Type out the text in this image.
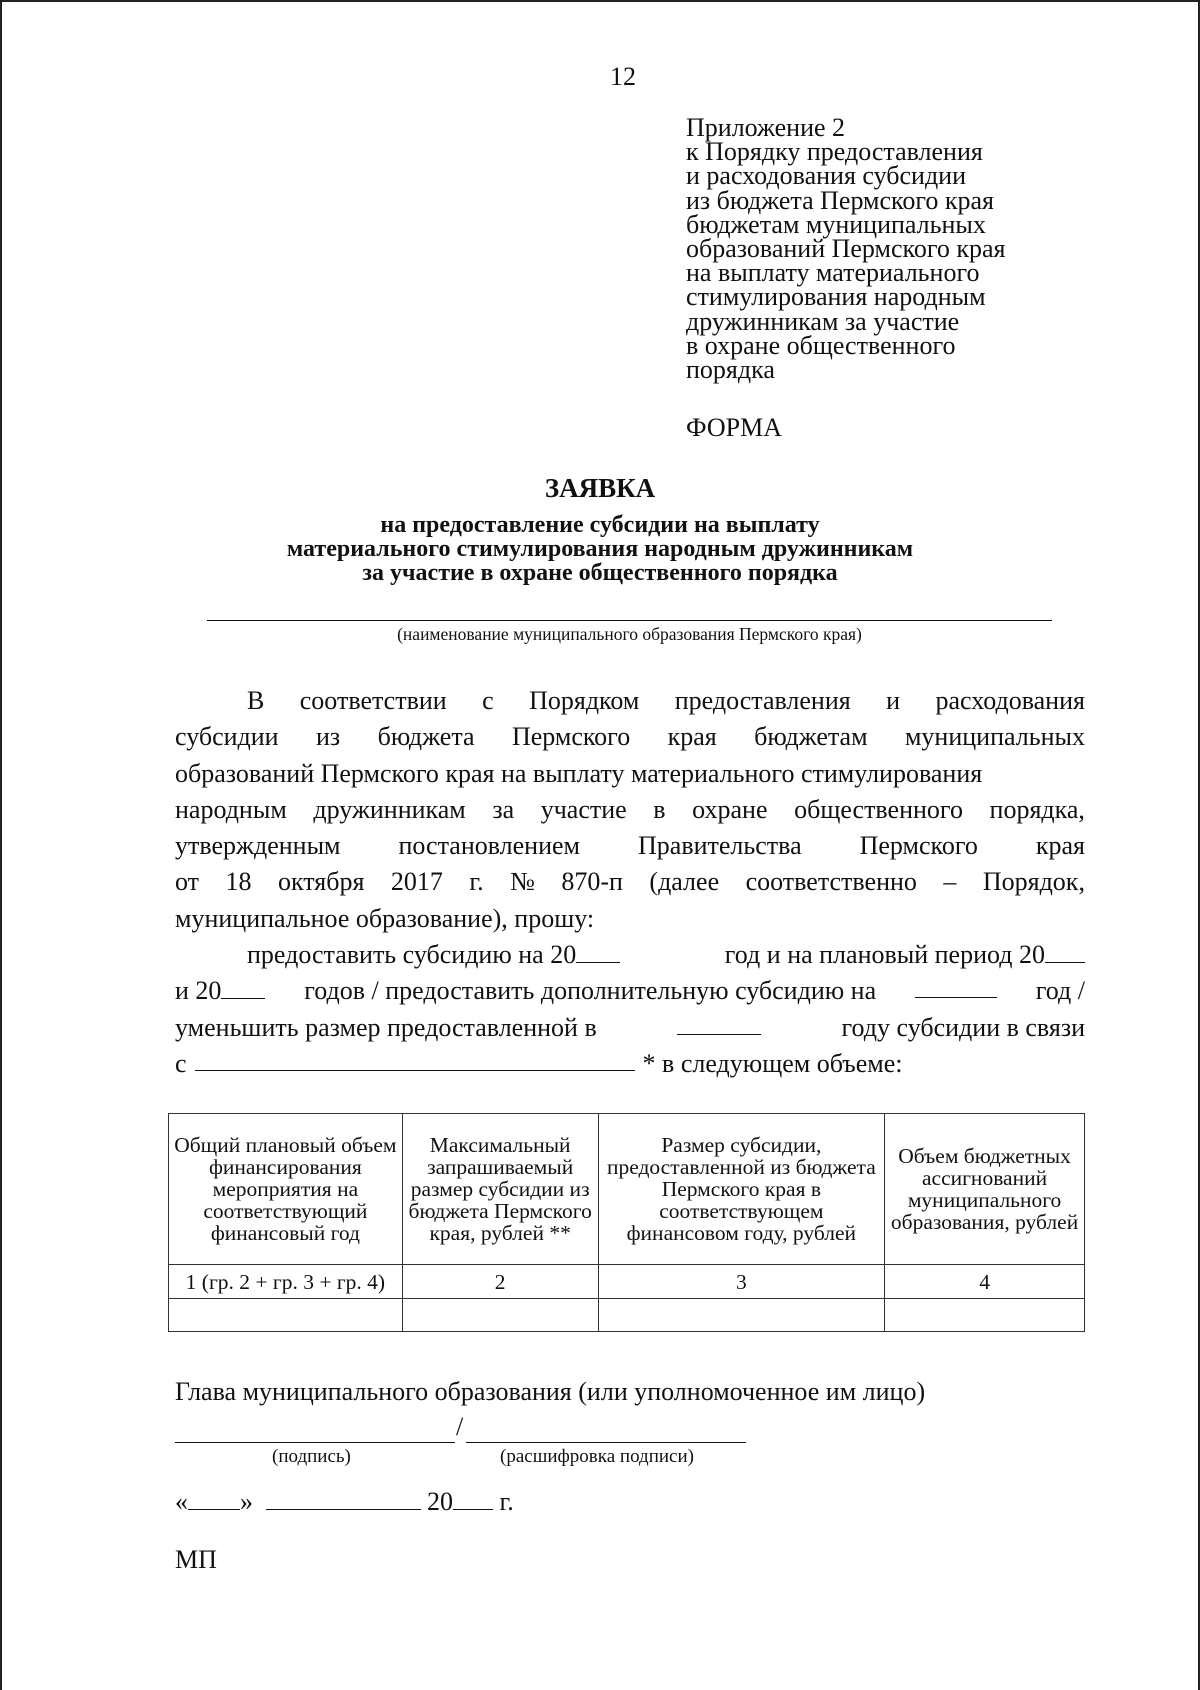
12
Приложение 2
к Порядку предоставления
и расходования субсидии
из бюджета Пермского края
бюджетам муниципальных
образований Пермского края
на выплату материального
стимулирования народным
дружинникам за участие
в охране общественного
порядка
ФОРМА
ЗАЯВКА
на предоставление субсидии на выплату
материального стимулирования народным дружинникам
за участие в охране общественного порядка
(наименование муниципального образования Пермского края)
В соответствии с Порядком предоставления и расходования
субсидии из бюджета Пермского края бюджетам муниципальных
образований Пермского края на выплату материального стимулирования
народным дружинникам за участие в охране общественного порядка,
утвержденным постановлением Правительства Пермского края
от 18 октября 2017 г. № 870-п (далее соответственно – Порядок,
муниципальное образование), прошу:
предоставить субсидию на 20	год и на плановый период 20
и 20	годов / предоставить дополнительную субсидию на	год /
уменьшить размер предоставленной в	году субсидии в связи
с	* в следующем объеме:
Общий плановый объем финансирования мероприятия на соответствующий финансовый год	Максимальный запрашиваемый размер субсидии из бюджета Пермского края, рублей **	Размер субсидии, предоставленной из бюджета Пермского края в соответствующем финансовом году, рублей	Объем бюджетных ассигнований муниципального образования, рублей
1 (гр. 2 + гр. 3 + гр. 4)	2	3	4

Глава муниципального образования (или уполномоченное им лицо)
/
(подпись)	(расшифровка подписи)
« »	20 г.
МП
